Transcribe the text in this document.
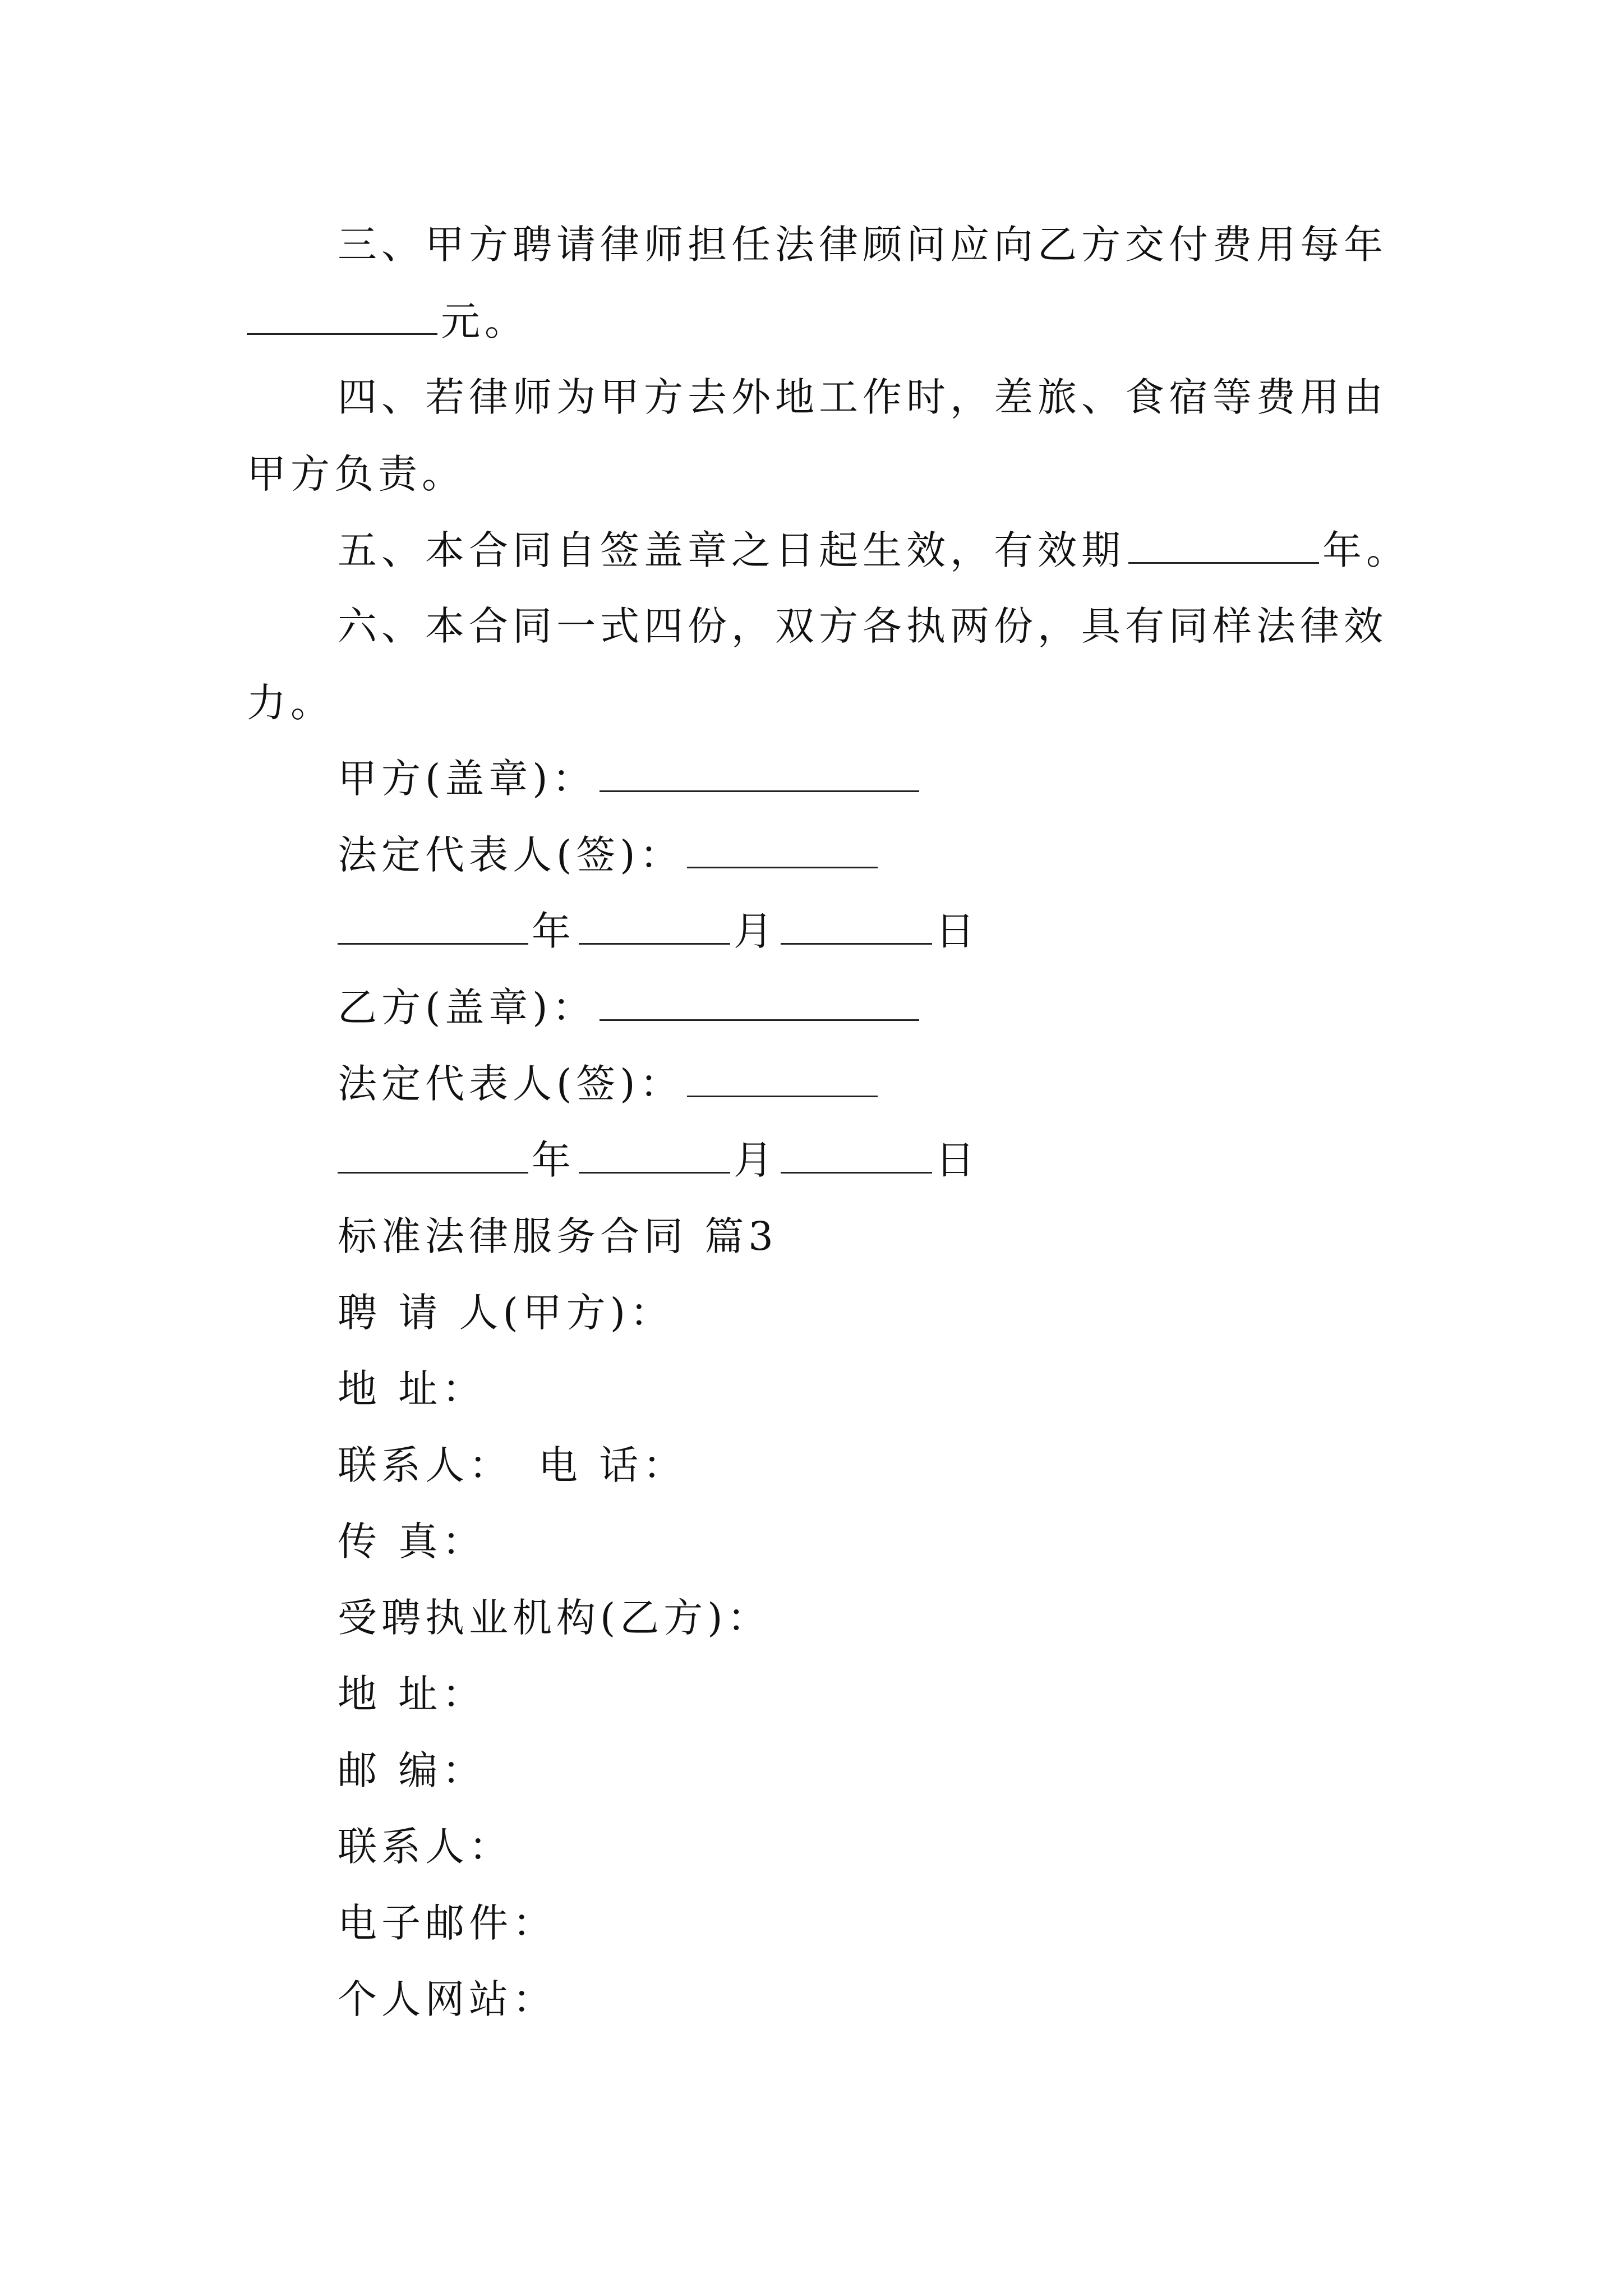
三、甲方聘请律师担任法律顾问应向乙方交付费用每年
元。
四、若律师为甲方去外地工作时，差旅、食宿等费用由
甲方负责。
五、本合同自签盖章之日起生效，有效期	年。
六、本合同一式四份，双方各执两份，具有同样法律效
力。
甲方(盖章)：
法定代表人(签)：
年	月	日
乙方(盖章)：
法定代表人(签)：
年	月	日
标准法律服务合同 篇3
聘 请 人(甲方)：
地 址：
联系人： 电 话：
传 真：
受聘执业机构(乙方)：
地 址：
邮 编：
联系人：
电子邮件：
个人网站：
